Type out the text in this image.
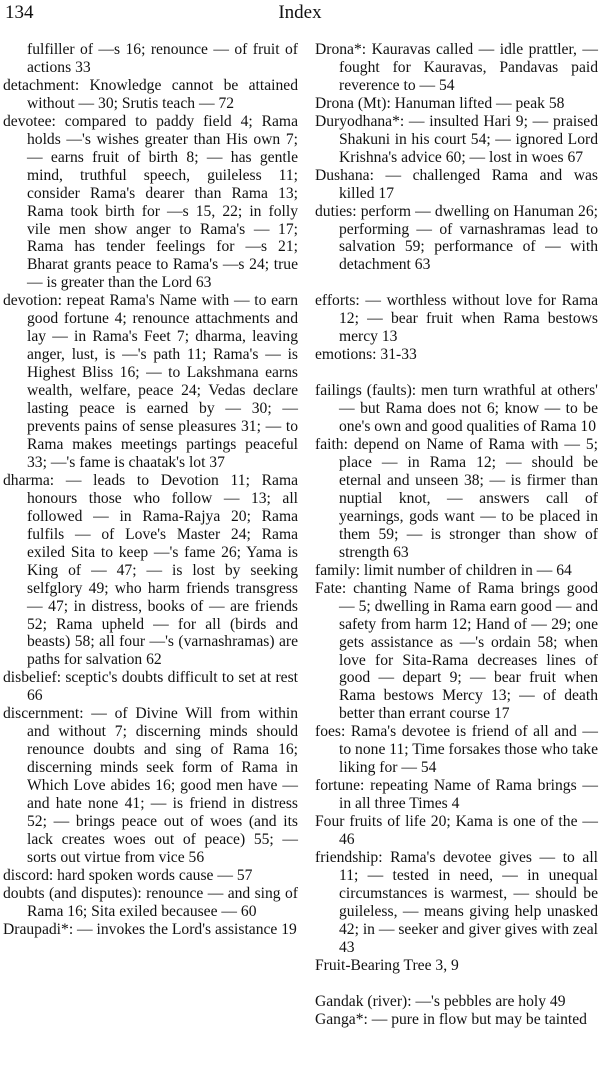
134	Index

fulfiller of —s 16; renounce — of fruit of actions 33

detachment: Knowledge cannot be attained without — 30; Srutis teach — 72

devotee: compared to paddy field 4; Rama holds —'s wishes greater than His own 7; — earns fruit of birth 8; — has gentle mind, truthful speech, guileless 11; consider Rama's dearer than Rama 13; Rama took birth for —s 15, 22; in folly vile men show anger to Rama's — 17; Rama has tender feelings for —s 21; Bharat grants peace to Rama's —s 24; true — is greater than the Lord 63

devotion: repeat Rama's Name with — to earn good fortune 4; renounce attachments and lay — in Rama's Feet 7; dharma, leaving anger, lust, is —'s path 11; Rama's — is Highest Bliss 16; — to Lakshmana earns wealth, welfare, peace 24; Vedas declare lasting peace is earned by — 30; — prevents pains of sense pleasures 31; — to Rama makes meetings partings peaceful 33; —'s fame is chaatak's lot 37

dharma: — leads to Devotion 11; Rama honours those who follow — 13; all followed — in Rama-Rajya 20; Rama fulfils — of Love's Master 24; Rama exiled Sita to keep —'s fame 26; Yama is King of — 47; — is lost by seeking selfglory 49; who harm friends transgress — 47; in distress, books of — are friends 52; Rama upheld — for all (birds and beasts) 58; all four —'s (varnashramas) are paths for salvation 62

disbelief: sceptic's doubts difficult to set at rest 66

discernment: — of Divine Will from within and without 7; discerning minds should renounce doubts and sing of Rama 16; discerning minds seek form of Rama in Which Love abides 16; good men have — and hate none 41; — is friend in distress 52; — brings peace out of woes (and its lack creates woes out of peace) 55; — sorts out virtue from vice 56

discord: hard spoken words cause — 57

doubts (and disputes): renounce — and sing of Rama 16; Sita exiled becausee — 60

Draupadi*: — invokes the Lord's assistance 19

Drona*: Kauravas called — idle prattler, — fought for Kauravas, Pandavas paid reverence to — 54

Drona (Mt): Hanuman lifted — peak 58

Duryodhana*: — insulted Hari 9; — praised Shakuni in his court 54; — ignored Lord Krishna's advice 60; — lost in woes 67

Dushana: — challenged Rama and was killed 17

duties: perform — dwelling on Hanuman 26; performing — of varnashramas lead to salvation 59; performance of — with detachment 63

efforts: — worthless without love for Rama 12; — bear fruit when Rama bestows mercy 13

emotions: 31-33

failings (faults): men turn wrathful at others' — but Rama does not 6; know — to be one's own and good qualities of Rama 10

faith: depend on Name of Rama with — 5; place — in Rama 12; — should be eternal and unseen 38; — is firmer than nuptial knot, — answers call of yearnings, gods want — to be placed in them 59; — is stronger than show of strength 63

family: limit number of children in — 64

Fate: chanting Name of Rama brings good — 5; dwelling in Rama earn good — and safety from harm 12; Hand of — 29; one gets assistance as —'s ordain 58; when love for Sita-Rama decreases lines of good — depart 9; — bear fruit when Rama bestows Mercy 13; — of death better than errant course 17

foes: Rama's devotee is friend of all and — to none 11; Time forsakes those who take liking for — 54

fortune: repeating Name of Rama brings — in all three Times 4

Four fruits of life 20; Kama is one of the — 46

friendship: Rama's devotee gives — to all 11; — tested in need, — in unequal circumstances is warmest, — should be guileless, — means giving help unasked 42; in — seeker and giver gives with zeal 43

Fruit-Bearing Tree 3, 9

Gandak (river): —'s pebbles are holy 49

Ganga*: — pure in flow but may be tainted
